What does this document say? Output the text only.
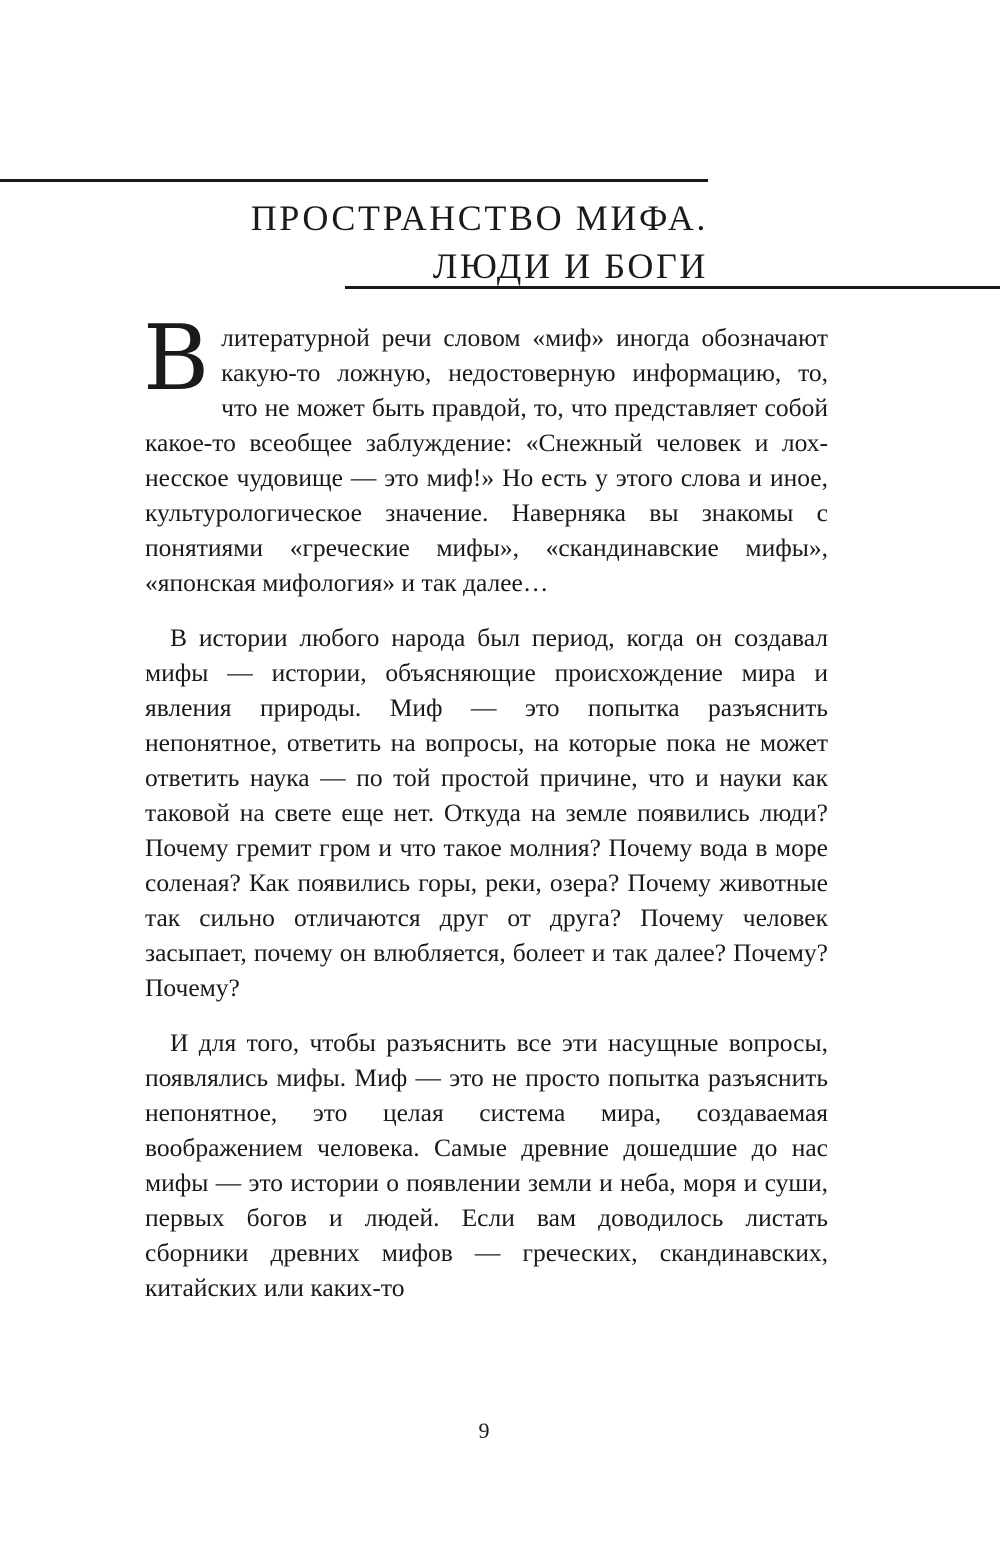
ПРОСТРАНСТВО МИФА.
ЛЮДИ И БОГИ

В литературной речи словом «миф» иногда обозначают какую-то ложную, недостоверную информацию, то, что не может быть правдой, то, что представляет собой какое-то всеобщее заблуждение: «Снежный человек и лох-несское чудовище — это миф!» Но есть у этого слова и иное, культурологическое значение. Наверняка вы знакомы с понятиями «греческие мифы», «скандинавские мифы», «японская мифология» и так далее…

В истории любого народа был период, когда он создавал мифы — истории, объясняющие происхождение мира и явления природы. Миф — это попытка разъяснить непонятное, ответить на вопросы, на которые пока не может ответить наука — по той простой причине, что и науки как таковой на свете еще нет. Откуда на земле появились люди? Почему гремит гром и что такое молния? Почему вода в море соленая? Как появились горы, реки, озера? Почему животные так сильно отличаются друг от друга? Почему человек засыпает, почему он влюбляется, болеет и так далее? Почему? Почему?

И для того, чтобы разъяснить все эти насущные вопросы, появлялись мифы. Миф — это не просто попытка разъяснить непонятное, это целая система мира, создаваемая воображением человека. Самые древние дошедшие до нас мифы — это истории о появлении земли и неба, моря и суши, первых богов и людей. Если вам доводилось листать сборники древних мифов — греческих, скандинавских, китайских или каких-то

9
